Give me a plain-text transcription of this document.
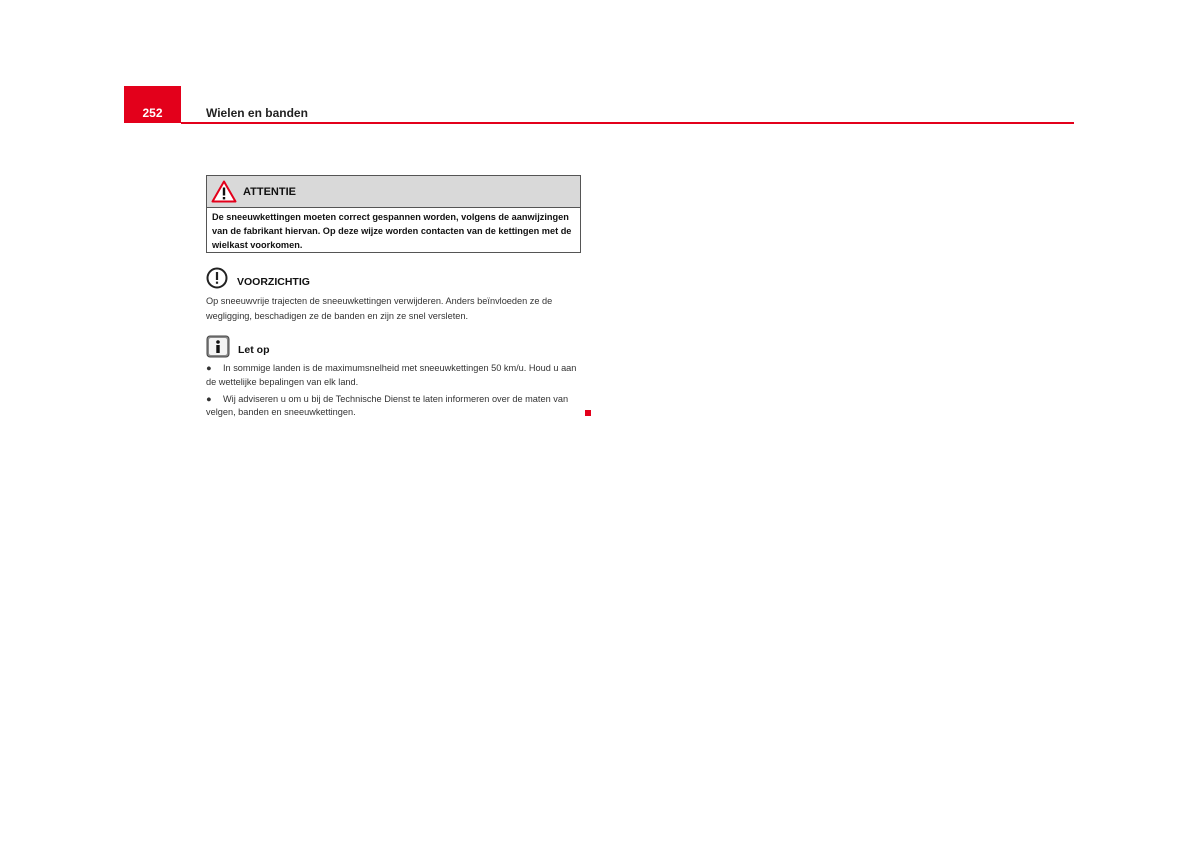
252	Wielen en banden
ATTENTIE
De sneeuwkettingen moeten correct gespannen worden, volgens de aanwijzingen van de fabrikant hiervan. Op deze wijze worden contacten van de kettingen met de wielkast voorkomen.
VOORZICHTIG
Op sneeuwvrije trajecten de sneeuwkettingen verwijderen. Anders beïnvloeden ze de wegligging, beschadigen ze de banden en zijn ze snel versleten.
Let op
● In sommige landen is de maximumsnelheid met sneeuwkettingen 50 km/u. Houd u aan de wettelijke bepalingen van elk land.
● Wij adviseren u om u bij de Technische Dienst te laten informeren over de maten van velgen, banden en sneeuwkettingen.
